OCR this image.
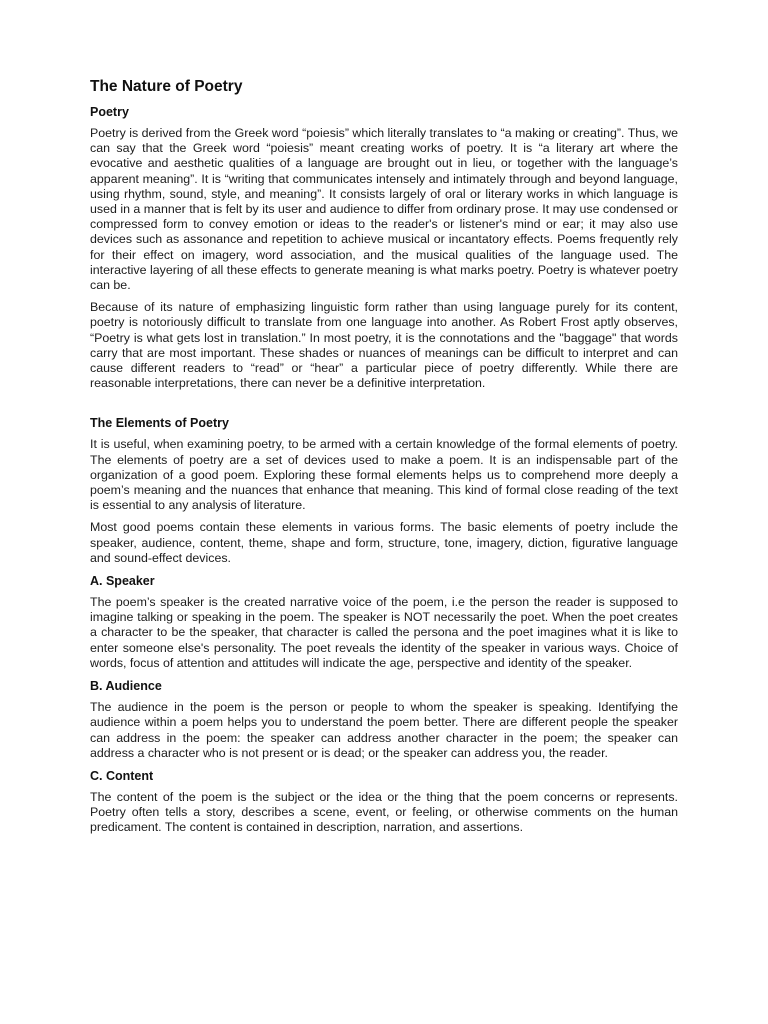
The Nature of Poetry
Poetry

Poetry is derived from the Greek word “poiesis” which literally translates to “a making or creating”. Thus, we can say that the Greek word “poiesis” meant creating works of poetry. It is “a literary art where the evocative and aesthetic qualities of a language are brought out in lieu, or together with the language’s apparent meaning”. It is “writing that communicates intensely and intimately through and beyond language, using rhythm, sound, style, and meaning”. It consists largely of oral or literary works in which language is used in a manner that is felt by its user and audience to differ from ordinary prose. It may use condensed or compressed form to convey emotion or ideas to the reader's or listener's mind or ear; it may also use devices such as assonance and repetition to achieve musical or incantatory effects. Poems frequently rely for their effect on imagery, word association, and the musical qualities of the language used. The interactive layering of all these effects to generate meaning is what marks poetry. Poetry is whatever poetry can be.

Because of its nature of emphasizing linguistic form rather than using language purely for its content, poetry is notoriously difficult to translate from one language into another. As Robert Frost aptly observes, “Poetry is what gets lost in translation.” In most poetry, it is the connotations and the "baggage" that words carry that are most important. These shades or nuances of meanings can be difficult to interpret and can cause different readers to “read” or “hear” a particular piece of poetry differently. While there are reasonable interpretations, there can never be a definitive interpretation.

The Elements of Poetry

It is useful, when examining poetry, to be armed with a certain knowledge of the formal elements of poetry. The elements of poetry are a set of devices used to make a poem. It is an indispensable part of the organization of a good poem. Exploring these formal elements helps us to comprehend more deeply a poem’s meaning and the nuances that enhance that meaning. This kind of formal close reading of the text is essential to any analysis of literature.

Most good poems contain these elements in various forms. The basic elements of poetry include the speaker, audience, content, theme, shape and form, structure, tone, imagery, diction, figurative language and sound-effect devices.

A. Speaker

The poem’s speaker is the created narrative voice of the poem, i.e the person the reader is supposed to imagine talking or speaking in the poem. The speaker is NOT necessarily the poet. When the poet creates a character to be the speaker, that character is called the persona and the poet imagines what it is like to enter someone else's personality. The poet reveals the identity of the speaker in various ways. Choice of words, focus of attention and attitudes will indicate the age, perspective and identity of the speaker.

B. Audience

The audience in the poem is the person or people to whom the speaker is speaking. Identifying the audience within a poem helps you to understand the poem better. There are different people the speaker can address in the poem: the speaker can address another character in the poem; the speaker can address a character who is not present or is dead; or the speaker can address you, the reader.

C. Content

The content of the poem is the subject or the idea or the thing that the poem concerns or represents. Poetry often tells a story, describes a scene, event, or feeling, or otherwise comments on the human predicament. The content is contained in description, narration, and assertions.
